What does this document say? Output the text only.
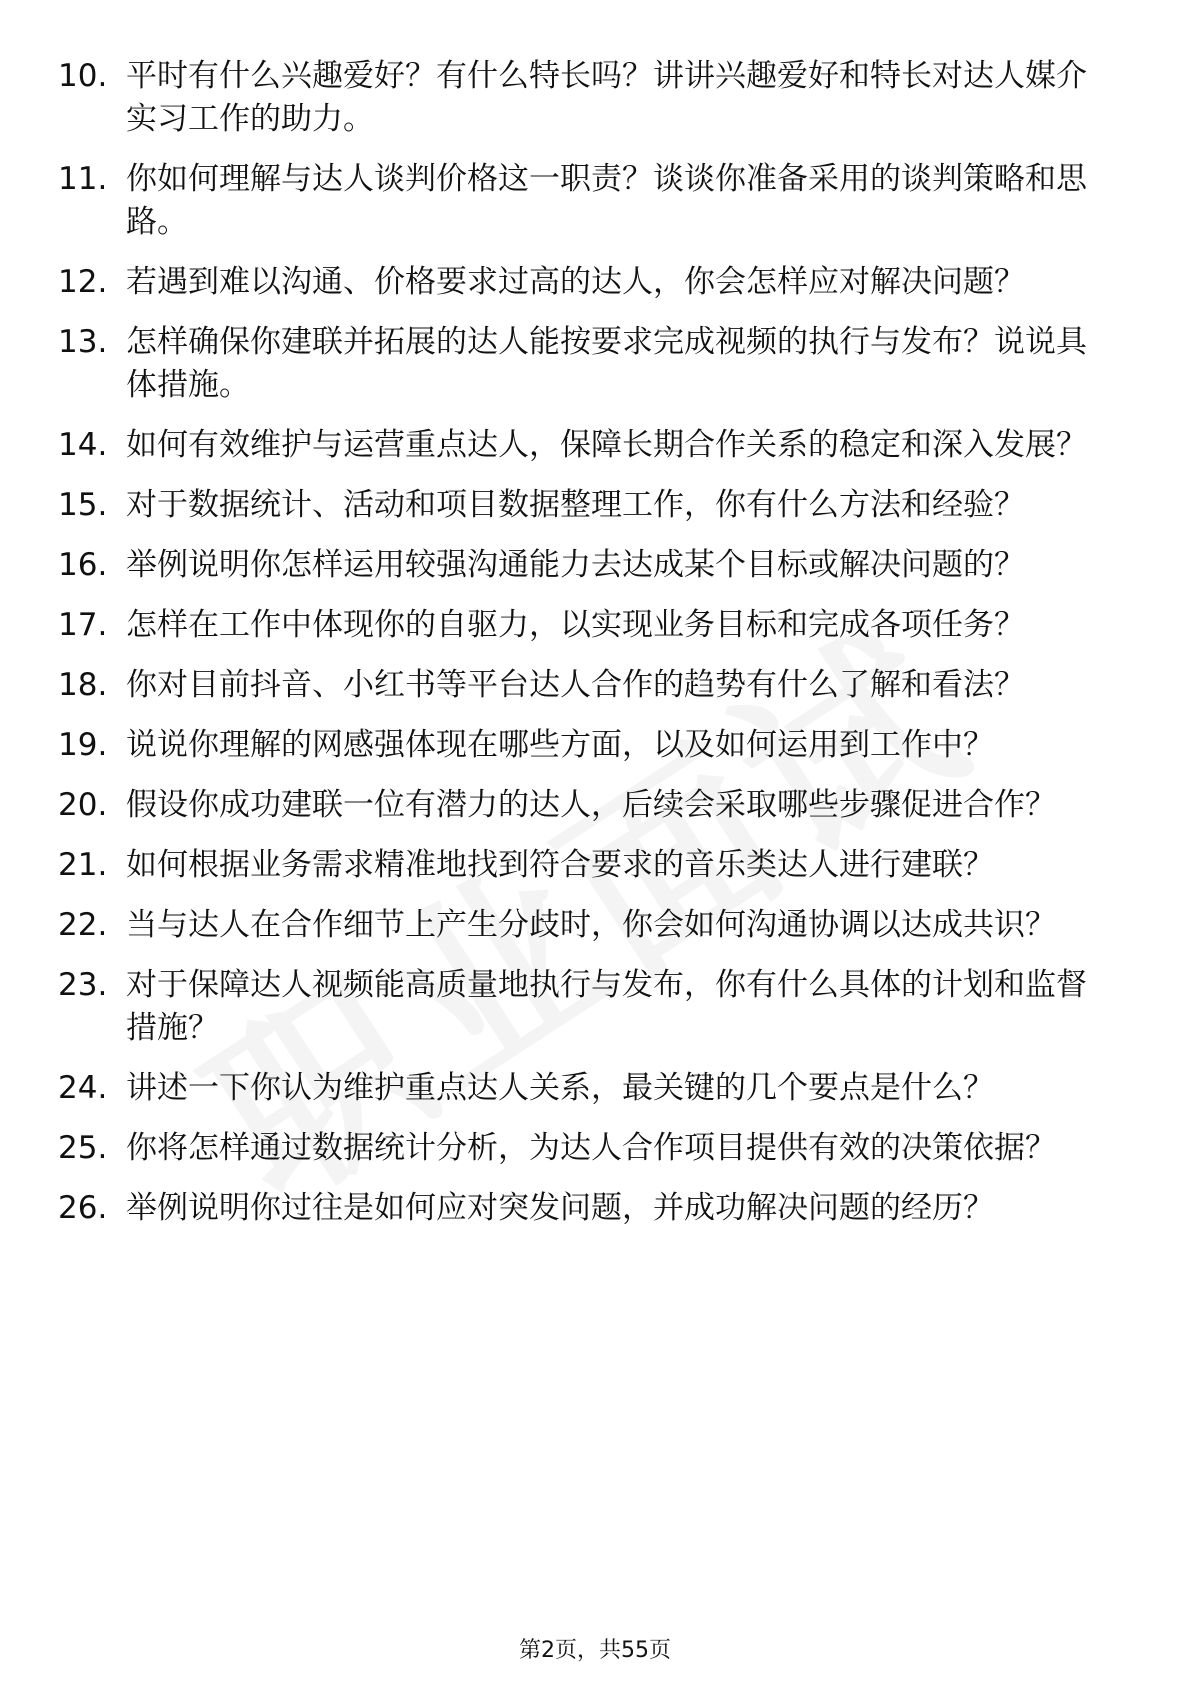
10. 平时有什么兴趣爱好？有什么特长吗？讲讲兴趣爱好和特长对达人媒介实习工作的助力。
11. 你如何理解与达人谈判价格这一职责？谈谈你准备采用的谈判策略和思路。
12. 若遇到难以沟通、价格要求过高的达人，你会怎样应对解决问题？
13. 怎样确保你建联并拓展的达人能按要求完成视频的执行与发布？说说具体措施。
14. 如何有效维护与运营重点达人，保障长期合作关系的稳定和深入发展？
15. 对于数据统计、活动和项目数据整理工作，你有什么方法和经验？
16. 举例说明你怎样运用较强沟通能力去达成某个目标或解决问题的？
17. 怎样在工作中体现你的自驱力，以实现业务目标和完成各项任务？
18. 你对目前抖音、小红书等平台达人合作的趋势有什么了解和看法？
19. 说说你理解的网感强体现在哪些方面，以及如何运用到工作中？
20. 假设你成功建联一位有潜力的达人，后续会采取哪些步骤促进合作？
21. 如何根据业务需求精准地找到符合要求的音乐类达人进行建联？
22. 当与达人在合作细节上产生分歧时，你会如何沟通协调以达成共识？
23. 对于保障达人视频能高质量地执行与发布，你有什么具体的计划和监督措施？
24. 讲述一下你认为维护重点达人关系，最关键的几个要点是什么？
25. 你将怎样通过数据统计分析，为达人合作项目提供有效的决策依据？
26. 举例说明你过往是如何应对突发问题，并成功解决问题的经历？
第2页，共55页
